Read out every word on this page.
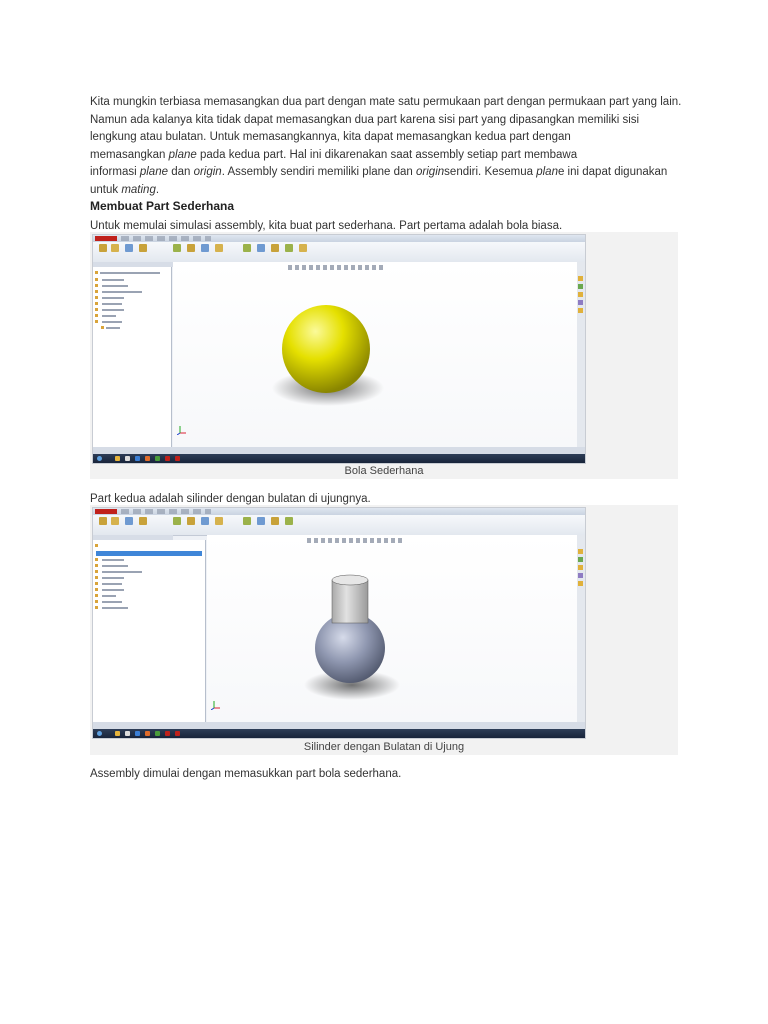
Kita mungkin terbiasa memasangkan dua part dengan mate satu permukaan part dengan permukaan part yang lain.

Namun ada kalanya kita tidak dapat memasangkan dua part karena sisi part yang dipasangkan memiliki sisi

lengkung atau bulatan. Untuk memasangkannya, kita dapat memasangkan kedua part dengan

memasangkan plane pada kedua part. Hal ini dikarenakan saat assembly setiap part membawa

informasi plane dan origin. Assembly sendiri memiliki plane dan originsendiri. Kesemua plane ini dapat digunakan

untuk mating.

Membuat Part Sederhana

Untuk memulai simulasi assembly, kita buat part sederhana. Part pertama adalah bola biasa.

Bola Sederhana

Part kedua adalah silinder dengan bulatan di ujungnya.

Silinder dengan Bulatan di Ujung

Assembly dimulai dengan memasukkan part bola sederhana.
